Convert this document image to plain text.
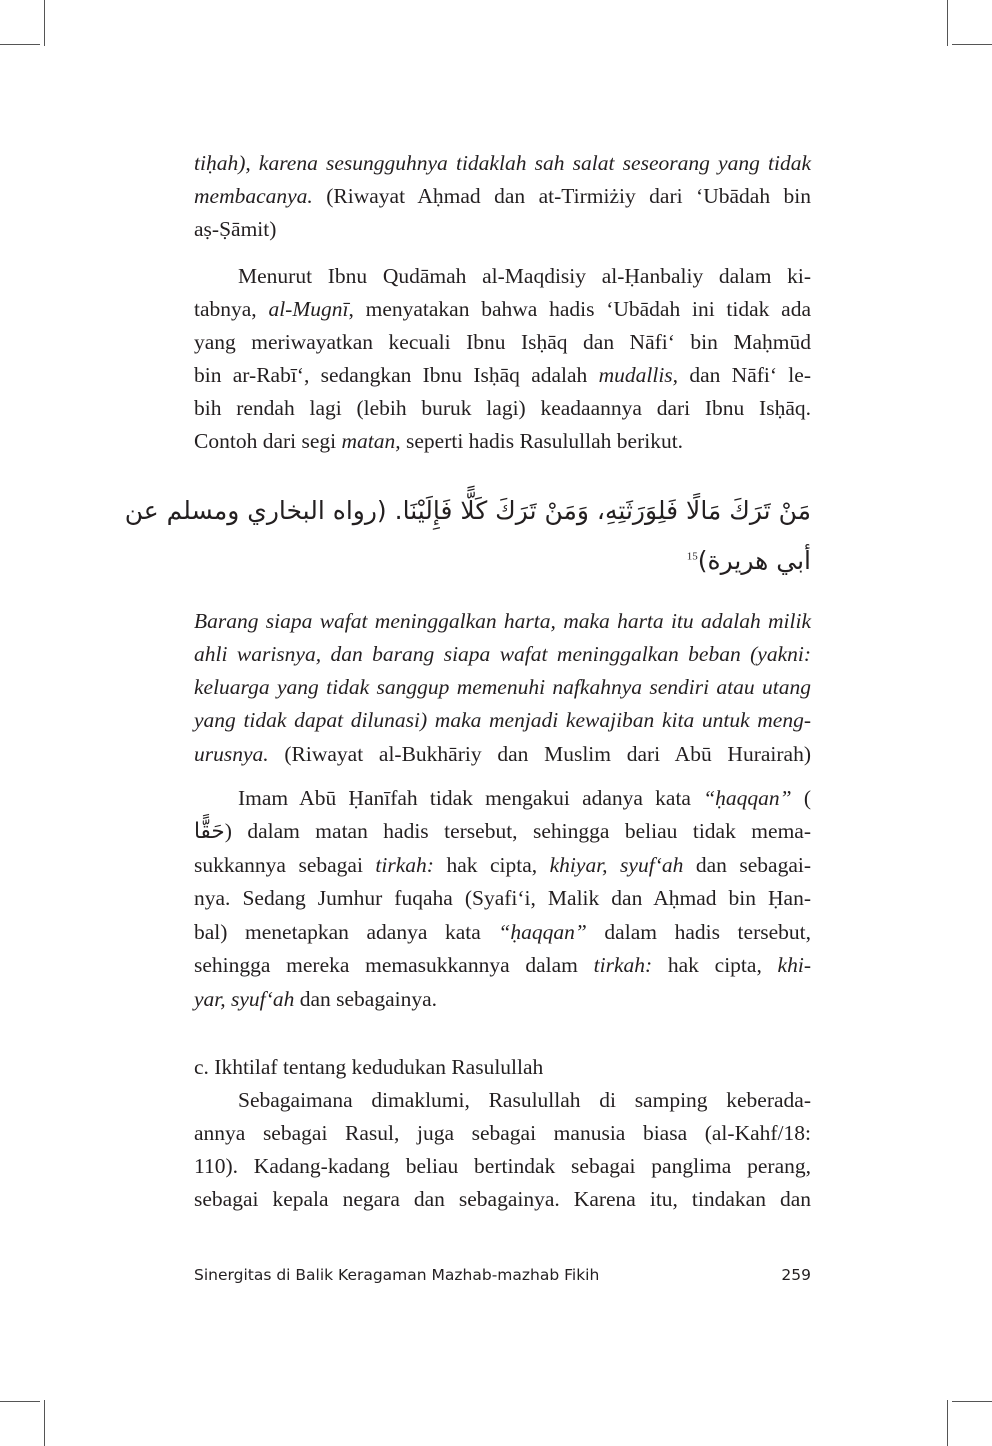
tiḥah), karena sesungguhnya tidaklah sah salat seseorang yang tidak
membacanya. (Riwayat Aḥmad dan at-Tirmiżiy dari ‘Ubādah bin
aṣ-Ṣāmit)
Menurut Ibnu Qudāmah al-Maqdisiy al-Ḥanbaliy dalam ki-
tabnya, al-Mugnī, menyatakan bahwa hadis ‘Ubādah ini tidak ada
yang meriwayatkan kecuali Ibnu Isḥāq dan Nāfi‘ bin Maḥmūd
bin ar-Rabī‘, sedangkan Ibnu Isḥāq adalah mudallis, dan Nāfi‘ le-
bih rendah lagi (lebih buruk lagi) keadaannya dari Ibnu Isḥāq.
Contoh dari segi matan, seperti hadis Rasulullah berikut.
Barang siapa wafat meninggalkan harta, maka harta itu adalah milik
ahli warisnya, dan barang siapa wafat meninggalkan beban (yakni:
keluarga yang tidak sanggup memenuhi nafkahnya sendiri atau utang
yang tidak dapat dilunasi) maka menjadi kewajiban kita untuk meng-
urusnya. (Riwayat al-Bukhāriy dan Muslim dari Abū Hurairah)
Imam Abū Ḥanīfah tidak mengakui adanya kata “ḥaqqan” (
حَقًّا) dalam matan hadis tersebut, sehingga beliau tidak mema-
sukkannya sebagai tirkah: hak cipta, khiyar, syuf‘ah dan sebagai-
nya. Sedang Jumhur fuqaha (Syafi‘i, Malik dan Aḥmad bin Ḥan-
bal) menetapkan adanya kata “ḥaqqan” dalam hadis tersebut,
sehingga mereka memasukkannya dalam tirkah: hak cipta, khi-
yar, syuf‘ah dan sebagainya.
c. Ikhtilaf tentang kedudukan Rasulullah
Sebagaimana dimaklumi, Rasulullah di samping keberada-
annya sebagai Rasul, juga sebagai manusia biasa (al-Kahf/18:
110). Kadang-kadang beliau bertindak sebagai panglima perang,
sebagai kepala negara dan sebagainya. Karena itu, tindakan dan
مَنْ تَرَكَ مَالًا فَلِوَرَثَتِهِ، وَمَنْ تَرَكَ كَلًّا فَإِلَيْنَا. (رواه البخاري ومسلم عن
أبي هريرة)$^{15}$
Sinergitas di Balik Keragaman Mazhab-mazhab Fikih	259
